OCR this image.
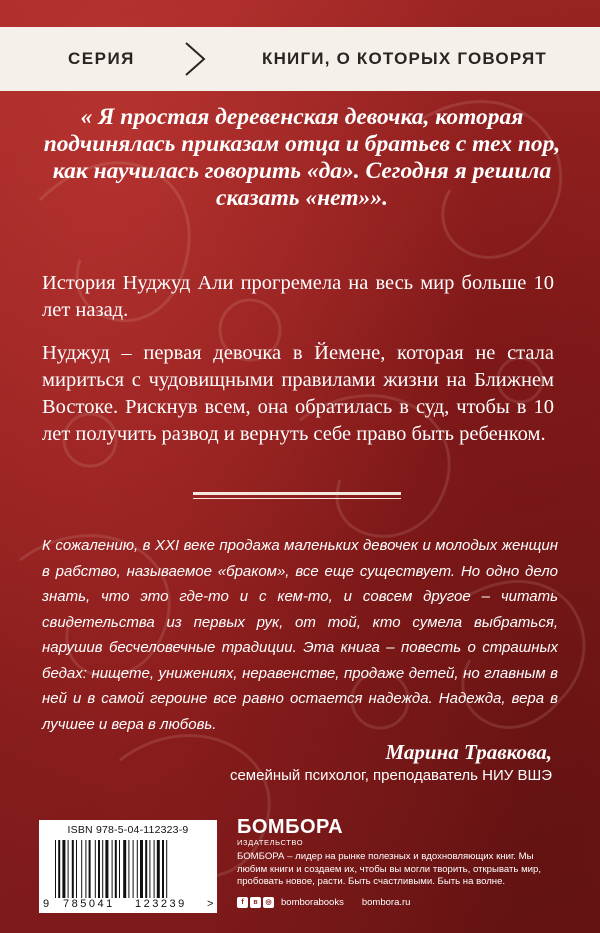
СЕРИЯ	КНИГИ, О КОТОРЫХ ГОВОРЯТ
« Я простая деревенская девочка, которая подчинялась приказам отца и братьев с тех пор, как научилась говорить «да». Сегодня я решила сказать «нет»».
История Нуджуд Али прогремела на весь мир больше 10 лет назад.
Нуджуд – первая девочка в Йемене, которая не стала мириться с чудовищными правилами жизни на Ближнем Востоке. Рискнув всем, она обратилась в суд, чтобы в 10 лет получить развод и вернуть себе право быть ребенком.
К сожалению, в XXI веке продажа маленьких девочек и молодых женщин в рабство, называемое «браком», все еще существует. Но одно дело знать, что это где-то и с кем-то, и совсем другое – читать свидетельства из первых рук, от той, кто сумела выбраться, нарушив бесчеловечные традиции. Эта книга – повесть о страшных бедах: нищете, унижениях, неравенстве, продаже детей, но главным в ней и в самой героине все равно остается надежда. Надежда, вера в лучшее и вера в любовь.
Марина Травкова,
семейный психолог, преподаватель НИУ ВШЭ
ISBN 978-5-04-112323-9
9 785041 123239 >
БОМБОРА
ИЗДАТЕЛЬСТВО
БОМБОРА – лидер на рынке полезных и вдохновляющих книг. Мы любим книги и создаем их, чтобы вы могли творить, открывать мир, пробовать новое, расти. Быть счастливыми. Быть на волне.
f	в	◎ bomborabooks bombora.ru
